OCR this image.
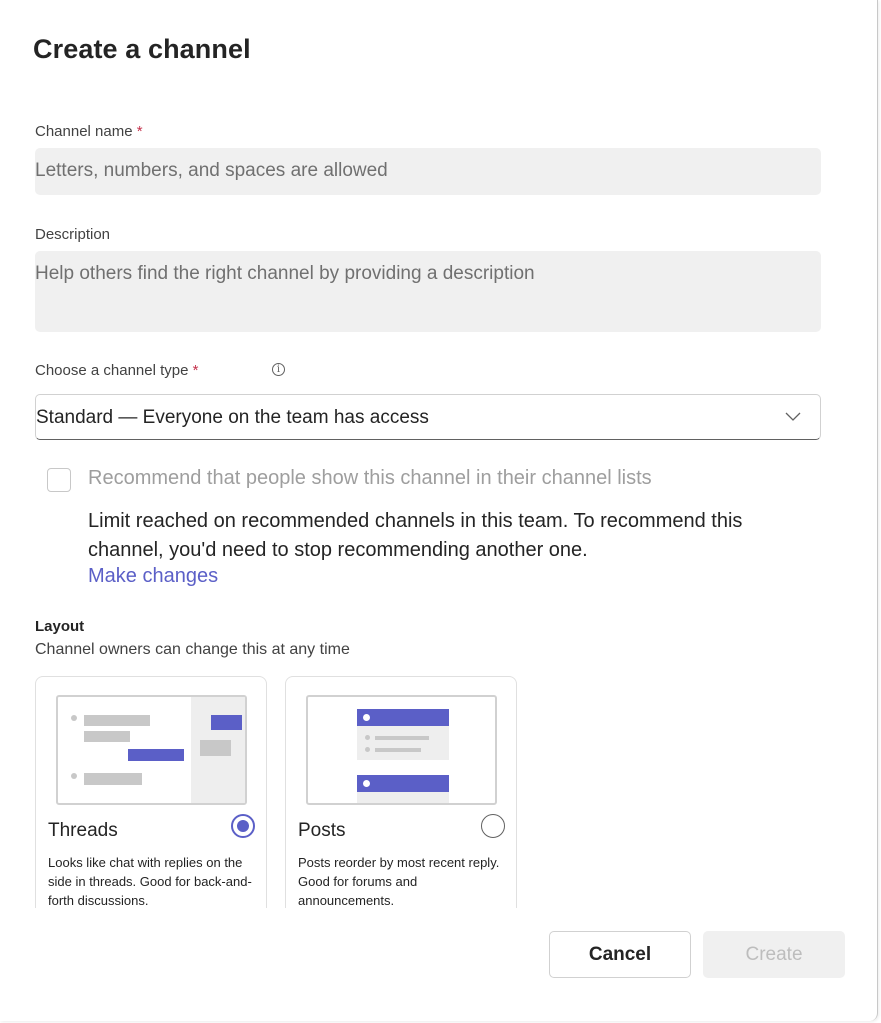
Create a channel
Channel name *
Letters, numbers, and spaces are allowed
Description
Help others find the right channel by providing a description
Choose a channel type *	i
Standard — Everyone on the team has access
Recommend that people show this channel in their channel lists
Limit reached on recommended channels in this team. To recommend this channel, you'd need to stop recommending another one.
Make changes
Layout
Channel owners can change this at any time
Threads
Looks like chat with replies on the side in threads. Good for back-and-forth discussions.
Posts
Posts reorder by most recent reply. Good for forums and announcements.
Cancel	Create
